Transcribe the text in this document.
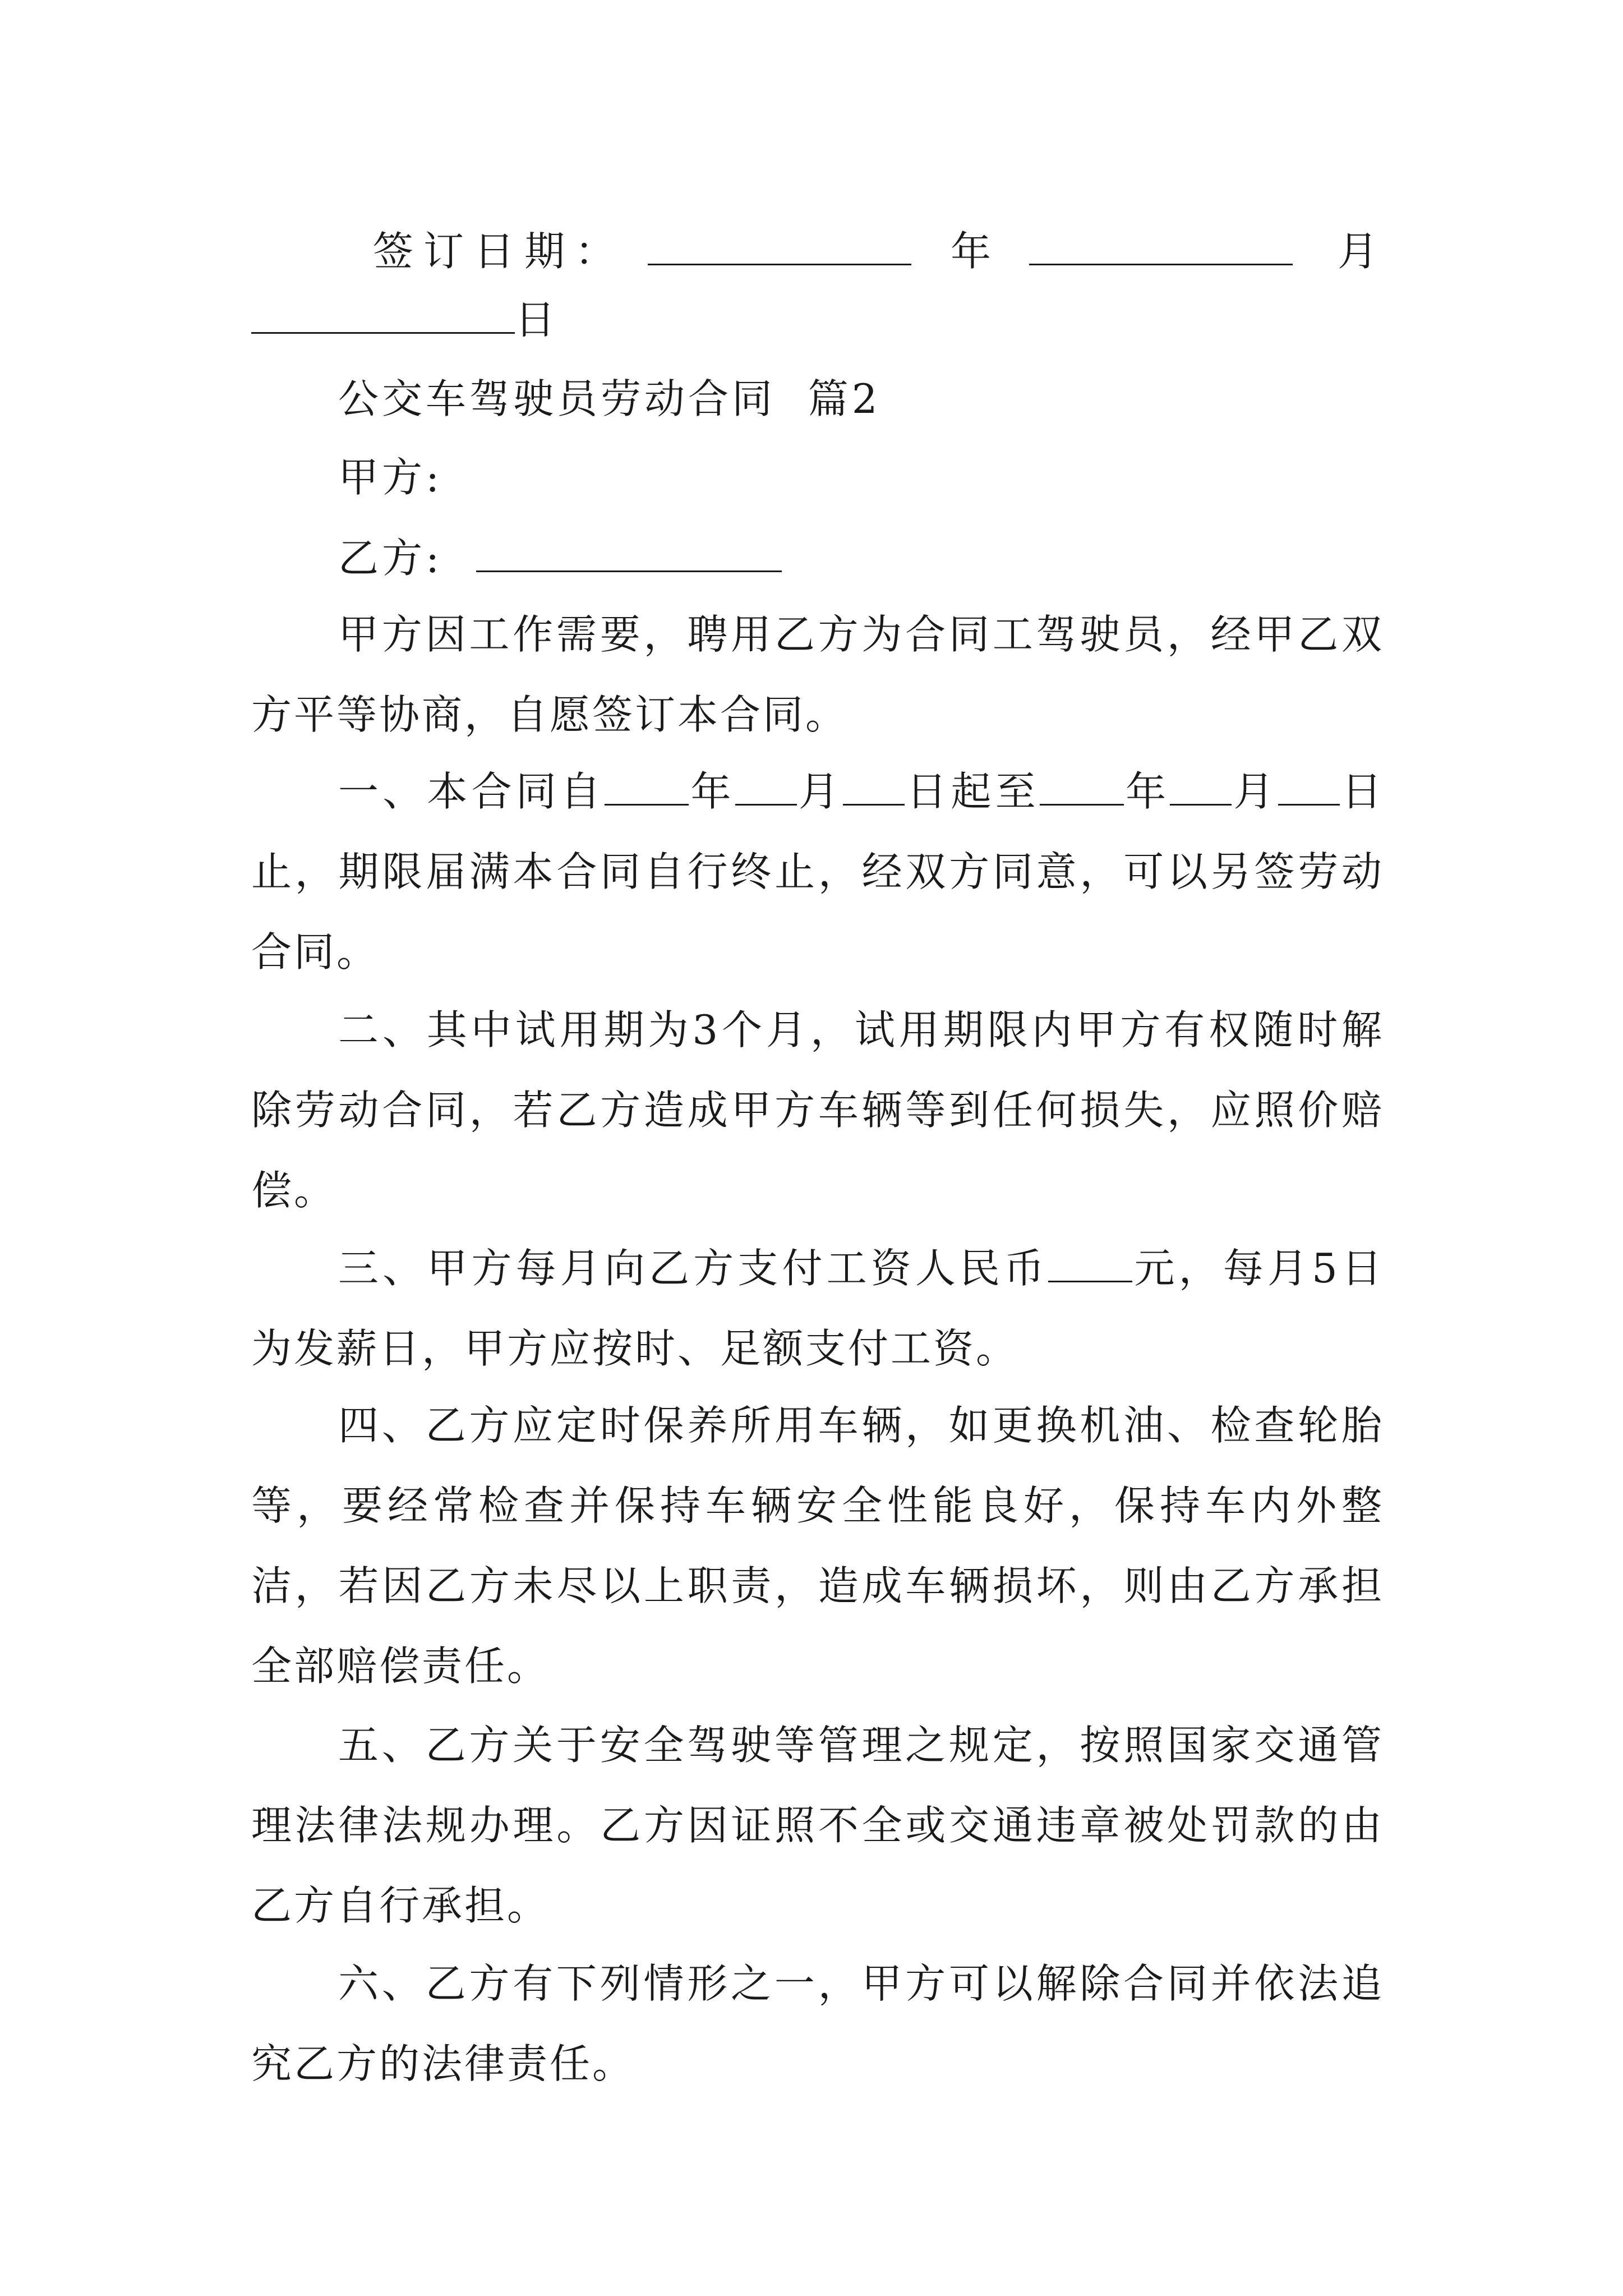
签订日期：	年	月
日
公交车驾驶员劳动合同  篇2
甲方:
乙方:

甲方因工作需要，聘用乙方为合同工驾驶员，经甲乙双方平等协商，自愿签订本合同。

一、本合同自 年 月 日起至 年 月 日止，期限届满本合同自行终止，经双方同意，可以另签劳动合同。

二、其中试用期为3个月，试用期限内甲方有权随时解除劳动合同，若乙方造成甲方车辆等到任何损失，应照价赔偿。

三、甲方每月向乙方支付工资人民币 元，每月5日为发薪日，甲方应按时、足额支付工资。

四、乙方应定时保养所用车辆，如更换机油、检查轮胎等，要经常检查并保持车辆安全性能良好，保持车内外整洁，若因乙方未尽以上职责，造成车辆损坏，则由乙方承担全部赔偿责任。

五、乙方关于安全驾驶等管理之规定，按照国家交通管理法律法规办理。乙方因证照不全或交通违章被处罚款的由乙方自行承担。

六、乙方有下列情形之一，甲方可以解除合同并依法追究乙方的法律责任。
